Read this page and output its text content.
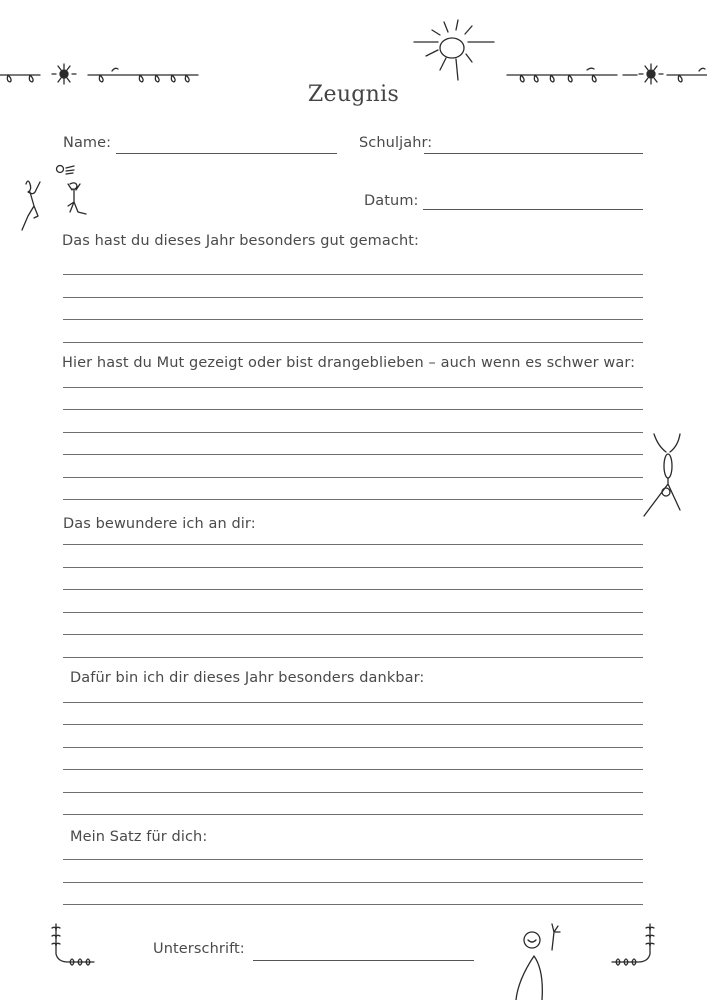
Zeugnis
Name:	Schuljahr:
Datum:
Das hast du dieses Jahr besonders gut gemacht:
Hier hast du Mut gezeigt oder bist drangeblieben – auch wenn es schwer war:
Das bewundere ich an dir:
Dafür bin ich dir dieses Jahr besonders dankbar:
Mein Satz für dich:
Unterschrift:
